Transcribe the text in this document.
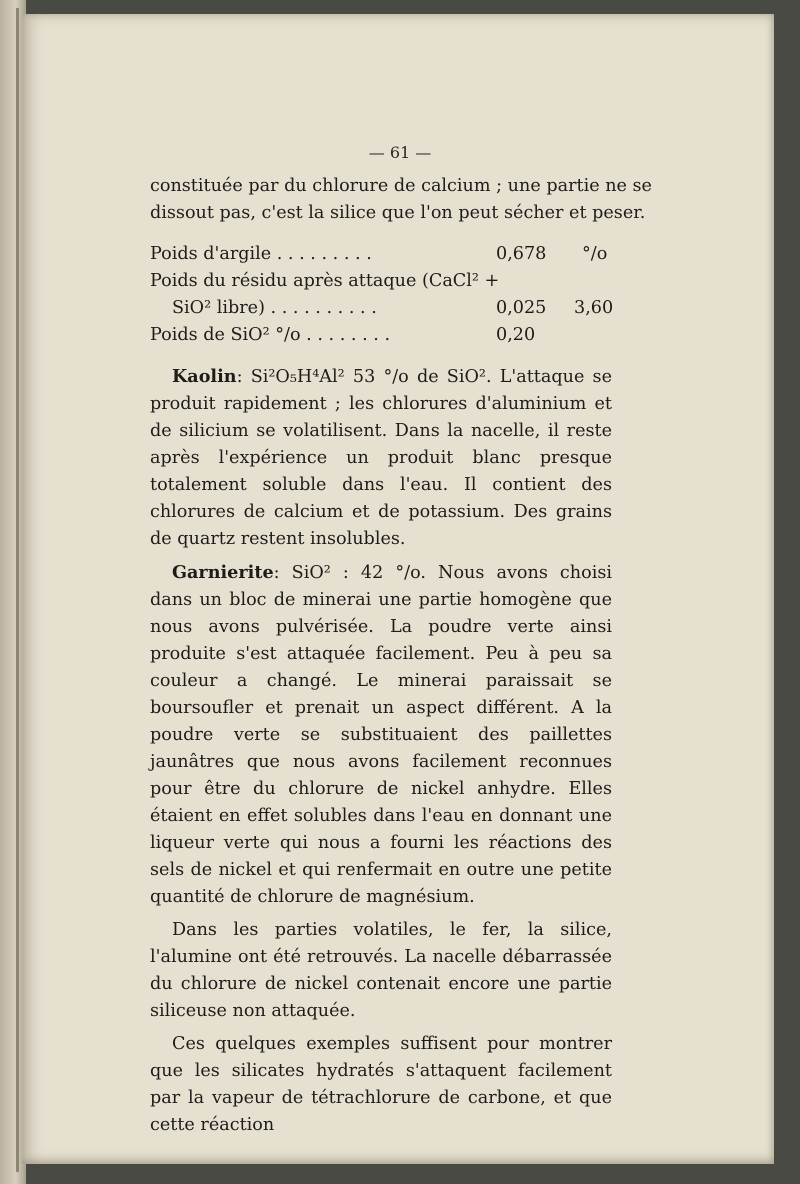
— 61 —
constituée par du chlorure de calcium ; une partie ne se
dissout pas, c'est la silice que l'on peut sécher et peser.
Poids d'argile . . . . . . . . .	0,678 °/o
Poids du résidu après attaque (CaCl² +
SiO² libre) . . . . . . . . . .	0,025 3,60
Poids de SiO² °/o . . . . . . . .	0,20

Kaolin: Si²O₅H⁴Al² 53 °/o de SiO². L'attaque se produit rapidement ; les chlorures d'aluminium et de silicium se volatilisent. Dans la nacelle, il reste après l'expérience un produit blanc presque totalement soluble dans l'eau. Il contient des chlorures de calcium et de potassium. Des grains de quartz restent insolubles.

Garnierite: SiO² : 42 °/o. Nous avons choisi dans un bloc de minerai une partie homogène que nous avons pulvérisée. La poudre verte ainsi produite s'est attaquée facilement. Peu à peu sa couleur a changé. Le minerai paraissait se boursoufler et prenait un aspect différent. A la poudre verte se substituaient des paillettes jaunâtres que nous avons facilement reconnues pour être du chlorure de nickel anhydre. Elles étaient en effet solubles dans l'eau en donnant une liqueur verte qui nous a fourni les réactions des sels de nickel et qui renfermait en outre une petite quantité de chlorure de magnésium.

Dans les parties volatiles, le fer, la silice, l'alumine ont été retrouvés. La nacelle débarrassée du chlorure de nickel contenait encore une partie siliceuse non attaquée.

Ces quelques exemples suffisent pour montrer que les silicates hydratés s'attaquent facilement par la vapeur de tétrachlorure de carbone, et que cette réaction
